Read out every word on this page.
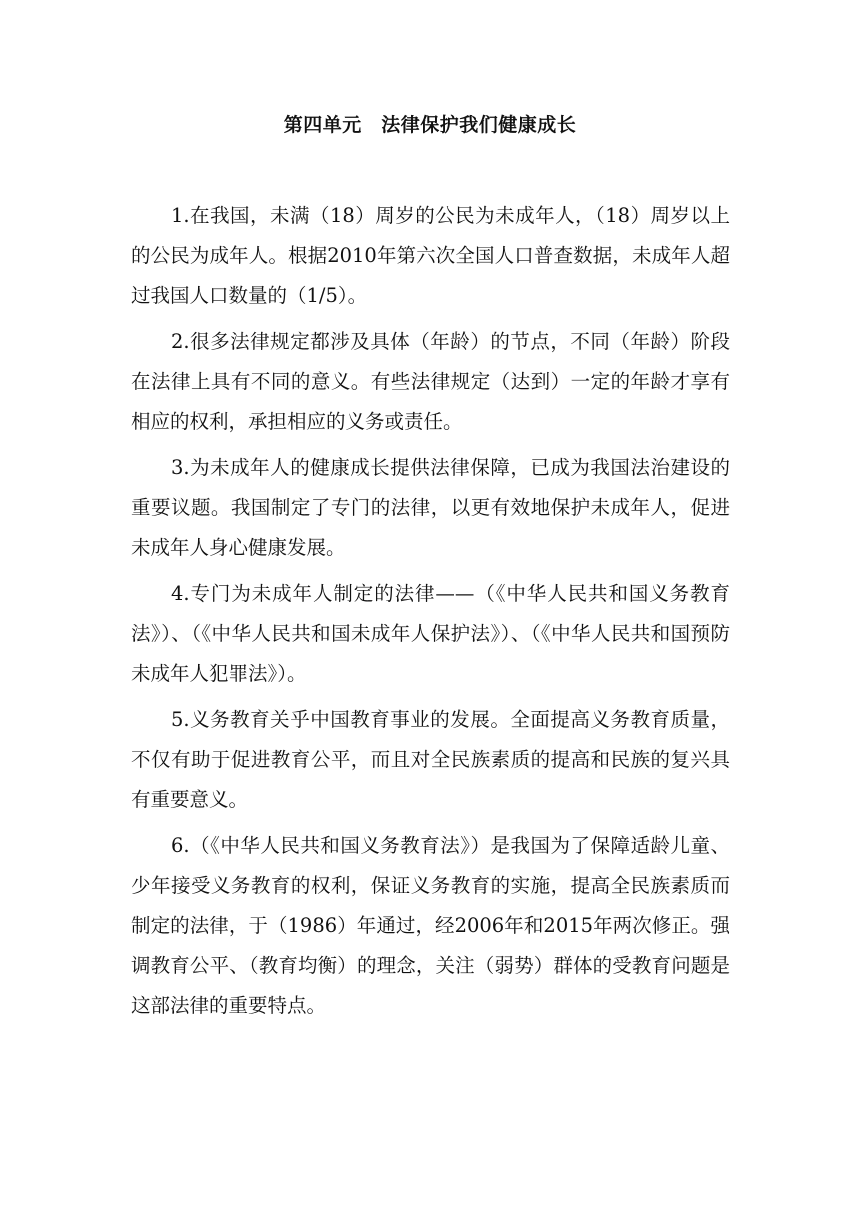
第四单元　法律保护我们健康成长

1.在我国，未满（18）周岁的公民为未成年人，（18）周岁以上的公民为成年人。根据2010年第六次全国人口普查数据，未成年人超过我国人口数量的（1/5）。

2.很多法律规定都涉及具体（年龄）的节点，不同（年龄）阶段在法律上具有不同的意义。有些法律规定（达到）一定的年龄才享有相应的权利，承担相应的义务或责任。

3.为未成年人的健康成长提供法律保障，已成为我国法治建设的重要议题。我国制定了专门的法律，以更有效地保护未成年人，促进未成年人身心健康发展。

4.专门为未成年人制定的法律——（《中华人民共和国义务教育法》）、（《中华人民共和国未成年人保护法》）、（《中华人民共和国预防未成年人犯罪法》）。

5.义务教育关乎中国教育事业的发展。全面提高义务教育质量，不仅有助于促进教育公平，而且对全民族素质的提高和民族的复兴具有重要意义。

6.（《中华人民共和国义务教育法》）是我国为了保障适龄儿童、少年接受义务教育的权利，保证义务教育的实施，提高全民族素质而制定的法律，于（1986）年通过，经2006年和2015年两次修正。强调教育公平、（教育均衡）的理念，关注（弱势）群体的受教育问题是这部法律的重要特点。
